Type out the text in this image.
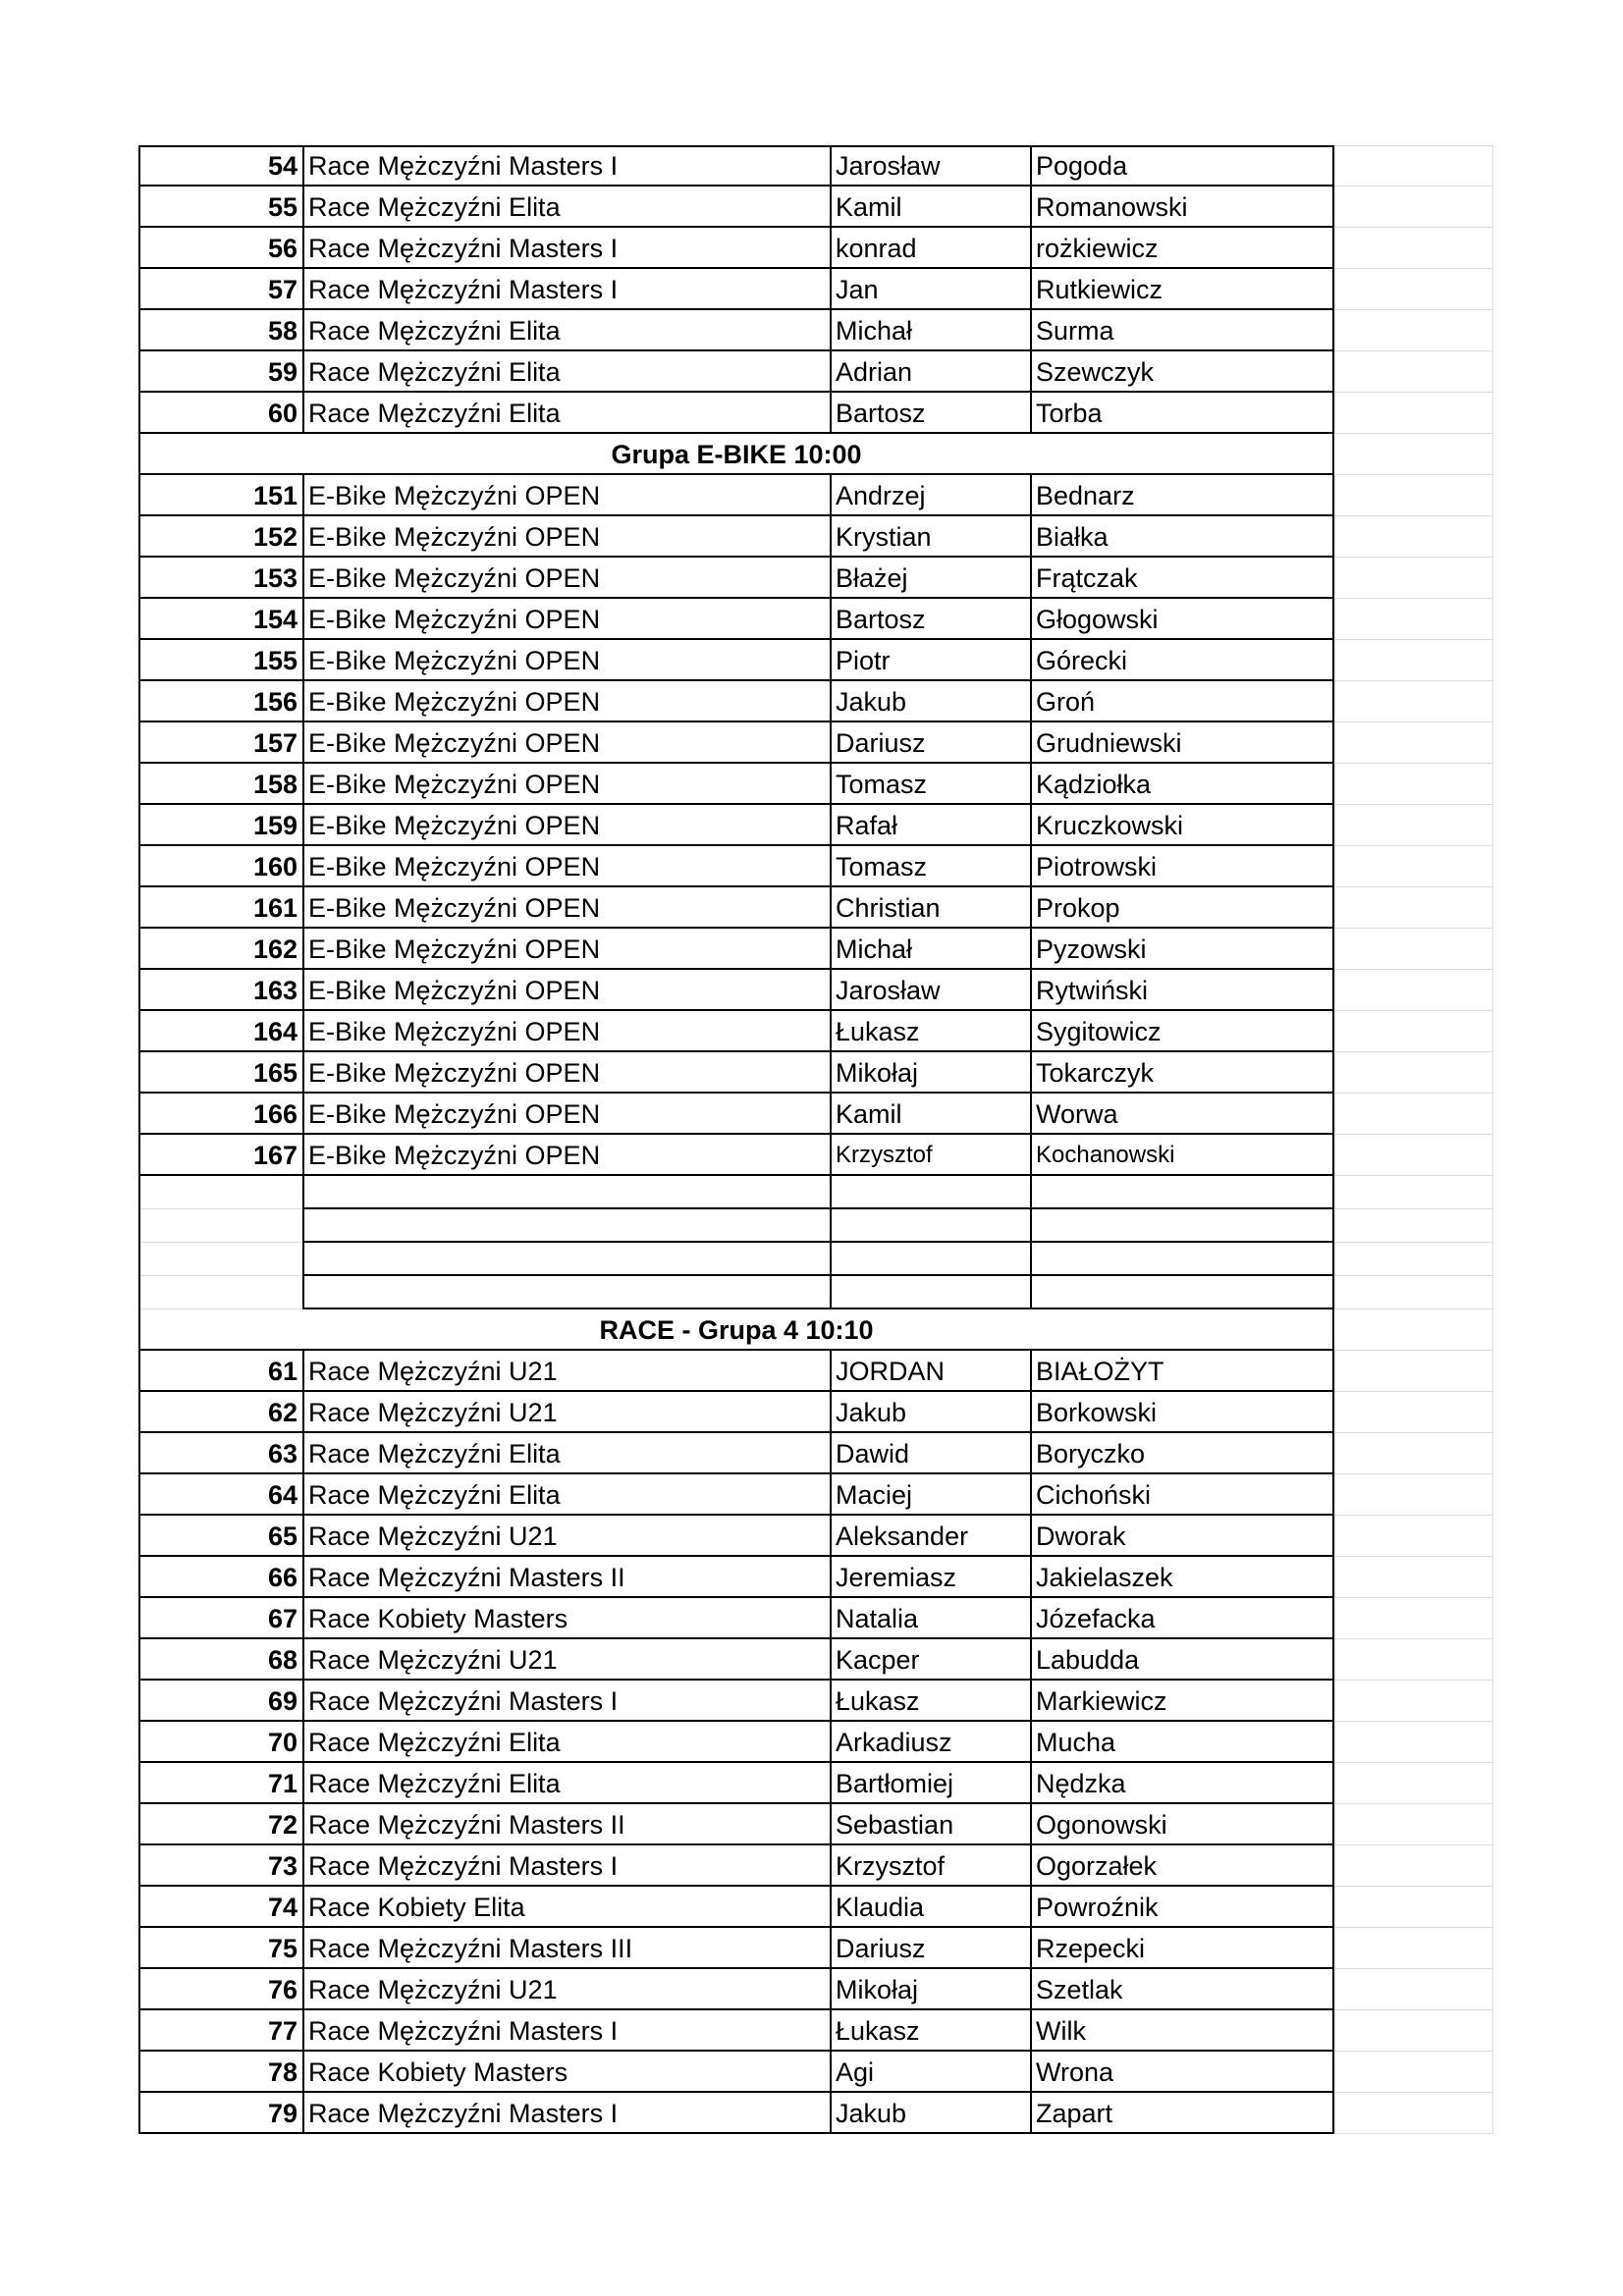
54 Race Mężczyźni Masters I	Jarosław	Pogoda
55 Race Mężczyźni Elita	Kamil	Romanowski
56 Race Mężczyźni Masters I	konrad	rożkiewicz
57 Race Mężczyźni Masters I	Jan	Rutkiewicz
58 Race Mężczyźni Elita	Michał	Surma
59 Race Mężczyźni Elita	Adrian	Szewczyk
60 Race Mężczyźni Elita	Bartosz	Torba
Grupa E-BIKE 10:00
151 E-Bike Mężczyźni OPEN	Andrzej	Bednarz
152 E-Bike Mężczyźni OPEN	Krystian	Białka
153 E-Bike Mężczyźni OPEN	Błażej	Frątczak
154 E-Bike Mężczyźni OPEN	Bartosz	Głogowski
155 E-Bike Mężczyźni OPEN	Piotr	Górecki
156 E-Bike Mężczyźni OPEN	Jakub	Groń
157 E-Bike Mężczyźni OPEN	Dariusz	Grudniewski
158 E-Bike Mężczyźni OPEN	Tomasz	Kądziołka
159 E-Bike Mężczyźni OPEN	Rafał	Kruczkowski
160 E-Bike Mężczyźni OPEN	Tomasz	Piotrowski
161 E-Bike Mężczyźni OPEN	Christian	Prokop
162 E-Bike Mężczyźni OPEN	Michał	Pyzowski
163 E-Bike Mężczyźni OPEN	Jarosław	Rytwiński
164 E-Bike Mężczyźni OPEN	Łukasz	Sygitowicz
165 E-Bike Mężczyźni OPEN	Mikołaj	Tokarczyk
166 E-Bike Mężczyźni OPEN	Kamil	Worwa
167 E-Bike Mężczyźni OPEN	Krzysztof	Kochanowski
RACE - Grupa 4 10:10
61 Race Mężczyźni U21	JORDAN	BIAŁOŻYT
62 Race Mężczyźni U21	Jakub	Borkowski
63 Race Mężczyźni Elita	Dawid	Boryczko
64 Race Mężczyźni Elita	Maciej	Cichoński
65 Race Mężczyźni U21	Aleksander	Dworak
66 Race Mężczyźni Masters II	Jeremiasz	Jakielaszek
67 Race Kobiety Masters	Natalia	Józefacka
68 Race Mężczyźni U21	Kacper	Labudda
69 Race Mężczyźni Masters I	Łukasz	Markiewicz
70 Race Mężczyźni Elita	Arkadiusz	Mucha
71 Race Mężczyźni Elita	Bartłomiej	Nędzka
72 Race Mężczyźni Masters II	Sebastian	Ogonowski
73 Race Mężczyźni Masters I	Krzysztof	Ogorzałek
74 Race Kobiety Elita	Klaudia	Powroźnik
75 Race Mężczyźni Masters III	Dariusz	Rzepecki
76 Race Mężczyźni U21	Mikołaj	Szetlak
77 Race Mężczyźni Masters I	Łukasz	Wilk
78 Race Kobiety Masters	Agi	Wrona
79 Race Mężczyźni Masters I	Jakub	Zapart
